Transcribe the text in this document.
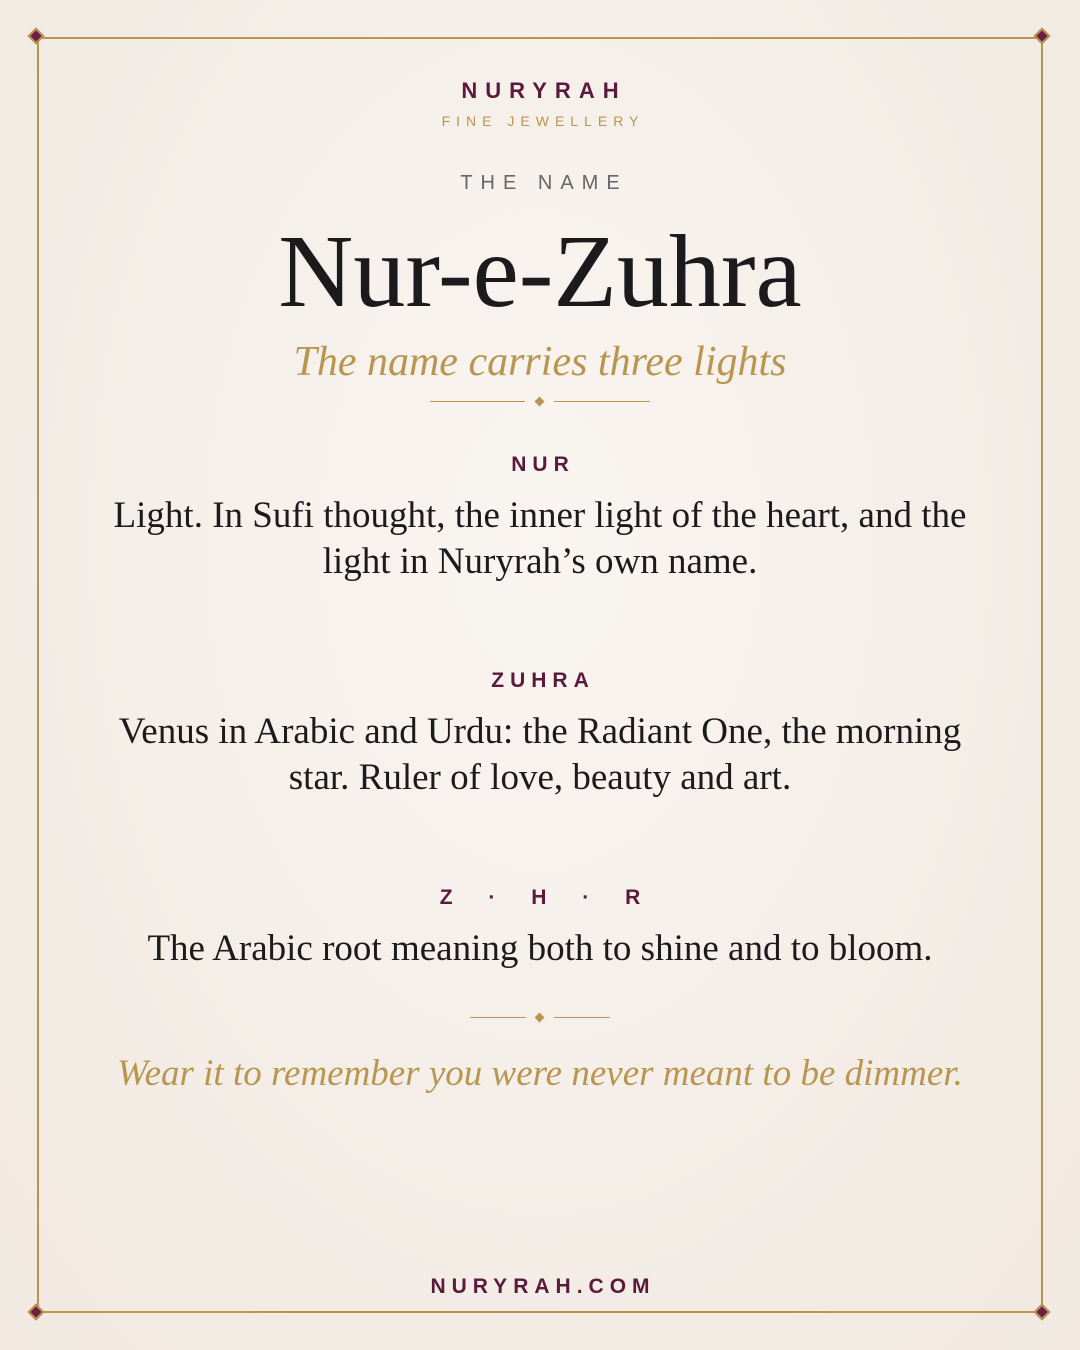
NURYRAH
FINE JEWELLERY
THE NAME
Nur-e-Zuhra
The name carries three lights
NUR
Light. In Sufi thought, the inner light of the heart, and the light in Nuryrah’s own name.
ZUHRA
Venus in Arabic and Urdu: the Radiant One, the morning star. Ruler of love, beauty and art.
Z · H · R
The Arabic root meaning both to shine and to bloom.
Wear it to remember you were never meant to be dimmer.
NURYRAH.COM
